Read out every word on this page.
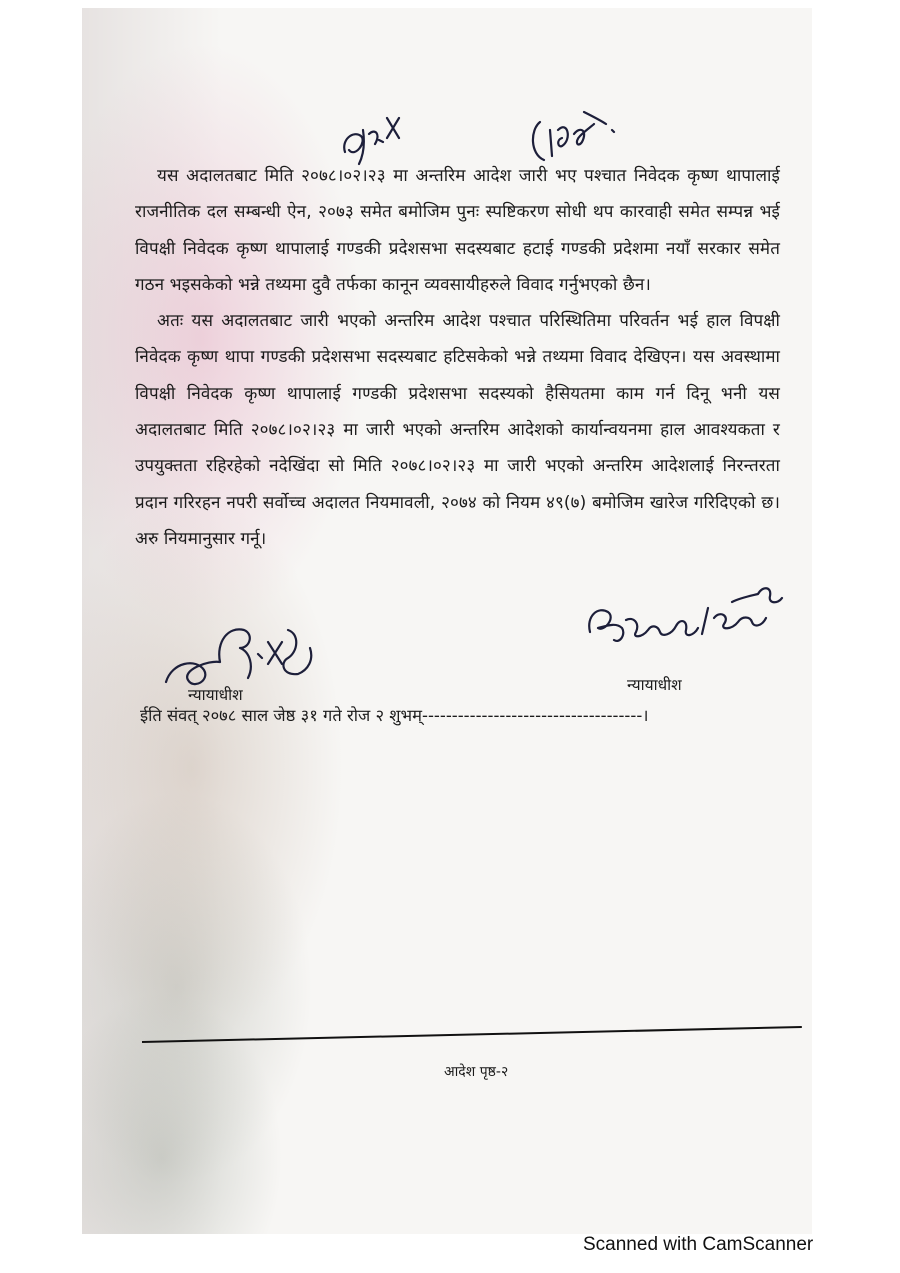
यस अदालतबाट मिति २०७८।०२।२३ मा अन्तरिम आदेश जारी भए पश्चात निवेदक कृष्ण थापालाई राजनीतिक दल सम्बन्धी ऐन, २०७३ समेत बमोजिम पुनः स्पष्टिकरण सोधी थप कारवाही समेत सम्पन्न भई विपक्षी निवेदक कृष्ण थापालाई गण्डकी प्रदेशसभा सदस्यबाट हटाई गण्डकी प्रदेशमा नयाँ सरकार समेत गठन भइसकेको भन्ने तथ्यमा दुवै तर्फका कानून व्यवसायीहरुले विवाद गर्नुभएको छैन।

अतः यस अदालतबाट जारी भएको अन्तरिम आदेश पश्चात परिस्थितिमा परिवर्तन भई हाल विपक्षी निवेदक कृष्ण थापा गण्डकी प्रदेशसभा सदस्यबाट हटिसकेको भन्ने तथ्यमा विवाद देखिएन। यस अवस्थामा विपक्षी निवेदक कृष्ण थापालाई गण्डकी प्रदेशसभा सदस्यको हैसियतमा काम गर्न दिनू भनी यस अदालतबाट मिति २०७८।०२।२३ मा जारी भएको अन्तरिम आदेशको कार्यान्वयनमा हाल आवश्यकता र उपयुक्तता रहिरहेको नदेखिंदा सो मिति २०७८।०२।२३ मा जारी भएको अन्तरिम आदेशलाई निरन्तरता प्रदान गरिरहन नपरी सर्वोच्च अदालत नियमावली, २०७४ को नियम ४९(७) बमोजिम खारेज गरिदिएको छ। अरु नियमानुसार गर्नू।

न्यायाधीश
न्यायाधीश
ईति संवत् २०७८ साल जेष्ठ ३१ गते रोज २ शुभम्-------------------------------------।
आदेश पृष्ठ-२
Scanned with CamScanner
